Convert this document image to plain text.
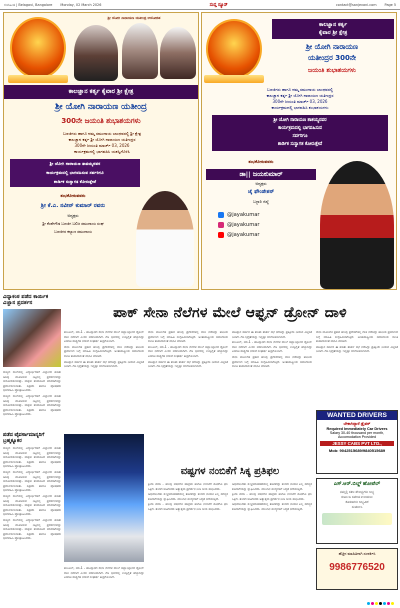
ರಂಗಹಿಂಡ | Belagavi, Bangalore Monday, 02 March 2026	ಸಂಸ್ತ ನ್ಯೂಸ್	contact@sanjevani.com Page 5
ಶ್ರೀ ಯೋಗಿ ನಾರಾಯಣ ಯತೀಂದ್ರ ಆಯೋಜಿತ
ಕಾಲಜ್ಞಾನ ಕರ್ತೃ ಕೈವಾರ ಶ್ರೀ ಕ್ಷೇತ್ರ
ಶ್ರೀ ಯೋಗಿ ನಾರಾಯಣ ಯತೀಂದ್ರ
300ನೇ ಜಯಂತಿ ಶುಭಾಶಯಗಳು
ಬಣಜಿಗರು ಹಾಗೂ ನಮ್ಮ ಸಮುದಾಯ ಬಾಂಧವರಲ್ಲಿ ಶ್ರೀ ಕ್ಷೇತ್ರ
ಕಾಲಜ್ಞಾನ ಕರ್ತೃ ಶ್ರೀ ಯೋಗಿ ನಾರಾಯಣ ಯತೀಂದ್ರರ
300ನೇ ಜಯಂತಿ ಮಾರ್ಚ್ 03, 2026
ಕಾರ್ಯಕ್ರಮದಲ್ಲಿ ಭಾಗವಹಿಸಿ ಯಶಸ್ವಿಗೊಳಿಸಿ
ಶ್ರೀ ಯೋಗಿ ನಾರಾಯಣ ತಾತಯ್ಯನವರ
ಕಾರ್ಯಕ್ರಮದಲ್ಲಿ ಭಾಗವಹಿಸುವ ಸರ್ವರಿಗೂ
ಶಾರ್ಡಿಕ ಸುಸ್ವಾಗತ ಕೋರುತ್ತೇವೆ
ಶುಭಕೋರುವವರು
ಶ್ರೀ ಕೆ.ಎ. ನವೀನ್ ಕುಮಾರ್ ರವರು
ಅಧ್ಯಕ್ಷರು
ಶ್ರೀ ಕೆಂಪೇಗೌಡ ಬಣಜಿಗ ಬಲಿಜ ಸಮುದಾಯ ಸಂಘ
ಬಣಜಿಗರ ಕಲ್ಯಾಣ ಸಮುದಾಯ
ಕಾಲಜ್ಞಾನ ಕರ್ತೃ
ಕೈವಾರ ಶ್ರೀ ಕ್ಷೇತ್ರ
ಶ್ರೀ ಯೋಗಿ ನಾರಾಯಣ
ಯತೀಂದ್ರರ 300ನೇ
ಜಯಂತಿ ಶುಭಾಶಯಗಳು
ಬಣಜಿಗರು ಹಾಗೂ ನಮ್ಮ ಸಮುದಾಯ ಬಾಂಧವರಲ್ಲಿ
ಕಾಲಜ್ಞಾನ ಕರ್ತೃ ಶ್ರೀ ಯೋಗಿ ನಾರಾಯಣ ಯತೀಂದ್ರರ
300ನೇ ಜಯಂತಿ ಮಾರ್ಚ್ 03, 2026
ಕಾರ್ಯಕ್ರಮದಲ್ಲಿ ಭಾಗವಹಿಸಿ ಶುಭಾಶಯಗಳು
ಶ್ರೀ ಯೋಗಿ ನಾರಾಯಣ ತಾತಯ್ಯನವರ
ಕಾರ್ಯಕ್ರಮದಲ್ಲಿ ಭಾಗವಹಿಸುವ
ಸರ್ವರಿಗೂ
ಶಾರ್ಡಿಕ ಸುಸ್ವಾಗತ ಕೋರುತ್ತೇವೆ
ಶುಭಕೋರುವವರು
ಡಾ|| ಜಯಕುಮಾರ್
ಅಧ್ಯಕ್ಷರು
ಜೈ ಫೌಂಡೇಶನ್
ಬಳ್ಳಾರಿ ಜಿಲ್ಲೆ
@jayakumar
@jayakumar
@jayakumar
ವಿದ್ಯಾಕಂಠ ಪಡೆದ ಕಾರ್ಯಿಕ
ವಿಜ್ಞಾನ ಪ್ರದರ್ಶನ

ರಾಜ್ಯದ ಶಾಲೆಯಲ್ಲಿ ವಿದ್ಯಾರ್ಥಿಗಳಿಗೆ ವಿಜ್ಞಾನದ ಕುರಿತು ಅರಿವು ಮೂಡಿಸುವ ನಿಟ್ಟಿನಲ್ಲಿ ಪ್ರದರ್ಶನವನ್ನು ಆಯೋಜಿಸಲಾಗಿತ್ತು. ಮಕ್ಕಳು ತಯಾರಿಸಿದ ಮಾದರಿಗಳನ್ನು ಪ್ರದರ್ಶಿಸಲಾಯಿತು. ಶಿಕ್ಷಕರು ಹಾಗೂ ಪೋಷಕರು ಭಾಗವಹಿಸಿ ಪ್ರೋತ್ಸಾಹಿಸಿದರು.

ರಾಜ್ಯದ ಶಾಲೆಯಲ್ಲಿ ವಿದ್ಯಾರ್ಥಿಗಳಿಗೆ ವಿಜ್ಞಾನದ ಕುರಿತು ಅರಿವು ಮೂಡಿಸುವ ನಿಟ್ಟಿನಲ್ಲಿ ಪ್ರದರ್ಶನವನ್ನು ಆಯೋಜಿಸಲಾಗಿತ್ತು. ಮಕ್ಕಳು ತಯಾರಿಸಿದ ಮಾದರಿಗಳನ್ನು ಪ್ರದರ್ಶಿಸಲಾಯಿತು. ಶಿಕ್ಷಕರು ಹಾಗೂ ಪೋಷಕರು ಭಾಗವಹಿಸಿ ಪ್ರೋತ್ಸಾಹಿಸಿದರು.

ಪಡೆದ ಟೈವರ್ಸಾಮಾನ್ಯರಿಗೆ
ಬ್ರಹ್ಮಕ್ಯೂಕರ

ರಾಜ್ಯದ ಶಾಲೆಯಲ್ಲಿ ವಿದ್ಯಾರ್ಥಿಗಳಿಗೆ ವಿಜ್ಞಾನದ ಕುರಿತು ಅರಿವು ಮೂಡಿಸುವ ನಿಟ್ಟಿನಲ್ಲಿ ಪ್ರದರ್ಶನವನ್ನು ಆಯೋಜಿಸಲಾಗಿತ್ತು. ಮಕ್ಕಳು ತಯಾರಿಸಿದ ಮಾದರಿಗಳನ್ನು ಪ್ರದರ್ಶಿಸಲಾಯಿತು. ಶಿಕ್ಷಕರು ಹಾಗೂ ಪೋಷಕರು ಭಾಗವಹಿಸಿ ಪ್ರೋತ್ಸಾಹಿಸಿದರು.

ರಾಜ್ಯದ ಶಾಲೆಯಲ್ಲಿ ವಿದ್ಯಾರ್ಥಿಗಳಿಗೆ ವಿಜ್ಞಾನದ ಕುರಿತು ಅರಿವು ಮೂಡಿಸುವ ನಿಟ್ಟಿನಲ್ಲಿ ಪ್ರದರ್ಶನವನ್ನು ಆಯೋಜಿಸಲಾಗಿತ್ತು. ಮಕ್ಕಳು ತಯಾರಿಸಿದ ಮಾದರಿಗಳನ್ನು ಪ್ರದರ್ಶಿಸಲಾಯಿತು. ಶಿಕ್ಷಕರು ಹಾಗೂ ಪೋಷಕರು ಭಾಗವಹಿಸಿ ಪ್ರೋತ್ಸಾಹಿಸಿದರು.

ರಾಜ್ಯದ ಶಾಲೆಯಲ್ಲಿ ವಿದ್ಯಾರ್ಥಿಗಳಿಗೆ ವಿಜ್ಞಾನದ ಕುರಿತು ಅರಿವು ಮೂಡಿಸುವ ನಿಟ್ಟಿನಲ್ಲಿ ಪ್ರದರ್ಶನವನ್ನು ಆಯೋಜಿಸಲಾಗಿತ್ತು. ಮಕ್ಕಳು ತಯಾರಿಸಿದ ಮಾದರಿಗಳನ್ನು ಪ್ರದರ್ಶಿಸಲಾಯಿತು. ಶಿಕ್ಷಕರು ಹಾಗೂ ಪೋಷಕರು ಭಾಗವಹಿಸಿ ಪ್ರೋತ್ಸಾಹಿಸಿದರು.

ರಾಜ್ಯದ ಶಾಲೆಯಲ್ಲಿ ವಿದ್ಯಾರ್ಥಿಗಳಿಗೆ ವಿಜ್ಞಾನದ ಕುರಿತು ಅರಿವು ಮೂಡಿಸುವ ನಿಟ್ಟಿನಲ್ಲಿ ಪ್ರದರ್ಶನವನ್ನು ಆಯೋಜಿಸಲಾಗಿತ್ತು. ಮಕ್ಕಳು ತಯಾರಿಸಿದ ಮಾದರಿಗಳನ್ನು ಪ್ರದರ್ಶಿಸಲಾಯಿತು. ಶಿಕ್ಷಕರು ಹಾಗೂ ಪೋಷಕರು ಭಾಗವಹಿಸಿ ಪ್ರೋತ್ಸಾಹಿಸಿದರು.

ಪಾಕ್ ಸೇನಾ ನೆಲೆಗಳ ಮೇಲೆ ಆಫ್ಘನ್ ಡ್ರೋನ್ ದಾಳಿ

ಕಾಬೂಲ್, ಮಾ.1 - ಪಾಕಿಸ್ತಾನದ ಸೇನಾ ನೆಲೆಗಳ ಮೇಲೆ ಆಫ್ಘಾನಿಸ್ತಾನದ ಡ್ರೋನ್ ದಾಳಿ ನಡೆದಿದೆ ಎಂದು ವರದಿಯಾಗಿದೆ. ಗಡಿ ಭಾಗದಲ್ಲಿ ಉದ್ವಿಗ್ನತೆ ಹೆಚ್ಚಾಗಿದ್ದು ಎರಡೂ ರಾಷ್ಟ್ರಗಳ ನಡುವೆ ಸಂಘರ್ಷ ತೀವ್ರಗೊಂಡಿದೆ.

ಸೇನಾ ಮೂಲಗಳ ಪ್ರಕಾರ ಹಲವು ಪ್ರದೇಶಗಳಲ್ಲಿ ದಾಳಿ ನಡೆದಿದ್ದು ಹಾನಿಯ ಪ್ರಮಾಣದ ಬಗ್ಗೆ ಮಾಹಿತಿ ಸಂಗ್ರಹಿಸಲಾಗುತ್ತಿದೆ. ಅಂತಾರಾಷ್ಟ್ರೀಯ ಸಮುದಾಯ ಶಾಂತಿ ಕಾಪಾಡುವಂತೆ ಮನವಿ ಮಾಡಿದೆ.

ಪಾಕಿಸ್ತಾನ ಸರ್ಕಾರ ಈ ಕುರಿತು ತುರ್ತು ಸಭೆ ನಡೆಸಿದ್ದು ಪ್ರತಿಕ್ರಿಯೆ ನೀಡುವ ಎಚ್ಚರಿಕೆ ನೀಡಿದೆ. ಗಡಿ ಭದ್ರತೆಯನ್ನು ಇನ್ನಷ್ಟು ಬಿಗಿಗೊಳಿಸಲಾಗಿದೆ.

ಸೇನಾ ಮೂಲಗಳ ಪ್ರಕಾರ ಹಲವು ಪ್ರದೇಶಗಳಲ್ಲಿ ದಾಳಿ ನಡೆದಿದ್ದು ಹಾನಿಯ ಪ್ರಮಾಣದ ಬಗ್ಗೆ ಮಾಹಿತಿ ಸಂಗ್ರಹಿಸಲಾಗುತ್ತಿದೆ. ಅಂತಾರಾಷ್ಟ್ರೀಯ ಸಮುದಾಯ ಶಾಂತಿ ಕಾಪಾಡುವಂತೆ ಮನವಿ ಮಾಡಿದೆ.

ಕಾಬೂಲ್, ಮಾ.1 - ಪಾಕಿಸ್ತಾನದ ಸೇನಾ ನೆಲೆಗಳ ಮೇಲೆ ಆಫ್ಘಾನಿಸ್ತಾನದ ಡ್ರೋನ್ ದಾಳಿ ನಡೆದಿದೆ ಎಂದು ವರದಿಯಾಗಿದೆ. ಗಡಿ ಭಾಗದಲ್ಲಿ ಉದ್ವಿಗ್ನತೆ ಹೆಚ್ಚಾಗಿದ್ದು ಎರಡೂ ರಾಷ್ಟ್ರಗಳ ನಡುವೆ ಸಂಘರ್ಷ ತೀವ್ರಗೊಂಡಿದೆ.

ಪಾಕಿಸ್ತಾನ ಸರ್ಕಾರ ಈ ಕುರಿತು ತುರ್ತು ಸಭೆ ನಡೆಸಿದ್ದು ಪ್ರತಿಕ್ರಿಯೆ ನೀಡುವ ಎಚ್ಚರಿಕೆ ನೀಡಿದೆ. ಗಡಿ ಭದ್ರತೆಯನ್ನು ಇನ್ನಷ್ಟು ಬಿಗಿಗೊಳಿಸಲಾಗಿದೆ.

ಪಾಕಿಸ್ತಾನ ಸರ್ಕಾರ ಈ ಕುರಿತು ತುರ್ತು ಸಭೆ ನಡೆಸಿದ್ದು ಪ್ರತಿಕ್ರಿಯೆ ನೀಡುವ ಎಚ್ಚರಿಕೆ ನೀಡಿದೆ. ಗಡಿ ಭದ್ರತೆಯನ್ನು ಇನ್ನಷ್ಟು ಬಿಗಿಗೊಳಿಸಲಾಗಿದೆ.

ಕಾಬೂಲ್, ಮಾ.1 - ಪಾಕಿಸ್ತಾನದ ಸೇನಾ ನೆಲೆಗಳ ಮೇಲೆ ಆಫ್ಘಾನಿಸ್ತಾನದ ಡ್ರೋನ್ ದಾಳಿ ನಡೆದಿದೆ ಎಂದು ವರದಿಯಾಗಿದೆ. ಗಡಿ ಭಾಗದಲ್ಲಿ ಉದ್ವಿಗ್ನತೆ ಹೆಚ್ಚಾಗಿದ್ದು ಎರಡೂ ರಾಷ್ಟ್ರಗಳ ನಡುವೆ ಸಂಘರ್ಷ ತೀವ್ರಗೊಂಡಿದೆ.

ಸೇನಾ ಮೂಲಗಳ ಪ್ರಕಾರ ಹಲವು ಪ್ರದೇಶಗಳಲ್ಲಿ ದಾಳಿ ನಡೆದಿದ್ದು ಹಾನಿಯ ಪ್ರಮಾಣದ ಬಗ್ಗೆ ಮಾಹಿತಿ ಸಂಗ್ರಹಿಸಲಾಗುತ್ತಿದೆ. ಅಂತಾರಾಷ್ಟ್ರೀಯ ಸಮುದಾಯ ಶಾಂತಿ ಕಾಪಾಡುವಂತೆ ಮನವಿ ಮಾಡಿದೆ.

ಕಾಬೂಲ್, ಮಾ.1 - ಪಾಕಿಸ್ತಾನದ ಸೇನಾ ನೆಲೆಗಳ ಮೇಲೆ ಆಫ್ಘಾನಿಸ್ತಾನದ ಡ್ರೋನ್ ದಾಳಿ ನಡೆದಿದೆ ಎಂದು ವರದಿಯಾಗಿದೆ. ಗಡಿ ಭಾಗದಲ್ಲಿ ಉದ್ವಿಗ್ನತೆ ಹೆಚ್ಚಾಗಿದ್ದು ಎರಡೂ ರಾಷ್ಟ್ರಗಳ ನಡುವೆ ಸಂಘರ್ಷ ತೀವ್ರಗೊಂಡಿದೆ.

ವಷ್ಟಗಳ ನಂಬಿಕೆಗೆ ಸಿಕ್ಕ ಪ್ರತಿಫಲ

ಕ್ರೀಡಾ ವರದಿ - ಹಲವು ವರ್ಷಗಳ ಪರಿಶ್ರಮ ಹಾಗೂ ನಂಬಿಕೆಗೆ ಕೊನೆಗೂ ಫಲ ಸಿಕ್ಕಿದೆ. ತಂಡದ ಆಟಗಾರರು ಅತ್ಯುತ್ತಮ ಪ್ರದರ್ಶನ ನೀಡಿ ಜಯ ಸಾಧಿಸಿದರು.

ಅಭಿಮಾನಿಗಳು ಸಂಭ್ರಮಾಚರಣೆಯಲ್ಲಿ ತೊಡಗಿದ್ದು ತಂಡದ ನಾಯಕ ಎಲ್ಲ ಸದಸ್ಯರ ಕೊಡುಗೆಯನ್ನು ಶ್ಲಾಘಿಸಿದರು. ಮುಂದಿನ ಪಂದ್ಯಗಳಿಗೆ ಸಿದ್ಧತೆ ನಡೆಯುತ್ತಿದೆ.

ಕ್ರೀಡಾ ವರದಿ - ಹಲವು ವರ್ಷಗಳ ಪರಿಶ್ರಮ ಹಾಗೂ ನಂಬಿಕೆಗೆ ಕೊನೆಗೂ ಫಲ ಸಿಕ್ಕಿದೆ. ತಂಡದ ಆಟಗಾರರು ಅತ್ಯುತ್ತಮ ಪ್ರದರ್ಶನ ನೀಡಿ ಜಯ ಸಾಧಿಸಿದರು.

ಅಭಿಮಾನಿಗಳು ಸಂಭ್ರಮಾಚರಣೆಯಲ್ಲಿ ತೊಡಗಿದ್ದು ತಂಡದ ನಾಯಕ ಎಲ್ಲ ಸದಸ್ಯರ ಕೊಡುಗೆಯನ್ನು ಶ್ಲಾಘಿಸಿದರು. ಮುಂದಿನ ಪಂದ್ಯಗಳಿಗೆ ಸಿದ್ಧತೆ ನಡೆಯುತ್ತಿದೆ.

ಕ್ರೀಡಾ ವರದಿ - ಹಲವು ವರ್ಷಗಳ ಪರಿಶ್ರಮ ಹಾಗೂ ನಂಬಿಕೆಗೆ ಕೊನೆಗೂ ಫಲ ಸಿಕ್ಕಿದೆ. ತಂಡದ ಆಟಗಾರರು ಅತ್ಯುತ್ತಮ ಪ್ರದರ್ಶನ ನೀಡಿ ಜಯ ಸಾಧಿಸಿದರು.

ಅಭಿಮಾನಿಗಳು ಸಂಭ್ರಮಾಚರಣೆಯಲ್ಲಿ ತೊಡಗಿದ್ದು ತಂಡದ ನಾಯಕ ಎಲ್ಲ ಸದಸ್ಯರ ಕೊಡುಗೆಯನ್ನು ಶ್ಲಾಘಿಸಿದರು. ಮುಂದಿನ ಪಂದ್ಯಗಳಿಗೆ ಸಿದ್ಧತೆ ನಡೆಯುತ್ತಿದೆ.

ಸೇನಾ ಮೂಲಗಳ ಪ್ರಕಾರ ಹಲವು ಪ್ರದೇಶಗಳಲ್ಲಿ ದಾಳಿ ನಡೆದಿದ್ದು ಹಾನಿಯ ಪ್ರಮಾಣದ ಬಗ್ಗೆ ಮಾಹಿತಿ ಸಂಗ್ರಹಿಸಲಾಗುತ್ತಿದೆ. ಅಂತಾರಾಷ್ಟ್ರೀಯ ಸಮುದಾಯ ಶಾಂತಿ ಕಾಪಾಡುವಂತೆ ಮನವಿ ಮಾಡಿದೆ.

ಪಾಕಿಸ್ತಾನ ಸರ್ಕಾರ ಈ ಕುರಿತು ತುರ್ತು ಸಭೆ ನಡೆಸಿದ್ದು ಪ್ರತಿಕ್ರಿಯೆ ನೀಡುವ ಎಚ್ಚರಿಕೆ ನೀಡಿದೆ. ಗಡಿ ಭದ್ರತೆಯನ್ನು ಇನ್ನಷ್ಟು ಬಿಗಿಗೊಳಿಸಲಾಗಿದೆ.

WANTED DRIVERS
ಬೇಕಾಗಿದ್ದಾರೆ ಡ್ರೈವರ್
Required Immediately Car Drivers
Salary 30-40 thousand per month,
Accomodation Provided
JESSY CABS PVT LTD.,
Mob: 9042515689/9840515689
ಎಸ್.ಆರ್.ಬಿಲ್ಡ್ ಹೋಟೆಲ್
ನಮ್ಮಲ್ಲಿ ಸಕಲ ಸೌಲಭ್ಯಗಳು ಲಭ್ಯ
ಕುಟುಂಬ ಸಮೇತ ಉಳಿಯಲು
ಕೊಠಡಿಗಳು ಲಭ್ಯವಿದೆ
ಸಂಪರ್ಕಿಸಿ
ಹೆಚ್ಚಿನ ಮಾಹಿತಿಗಾಗಿ ಸಂಪರ್ಕಿಸಿ
9986776520
